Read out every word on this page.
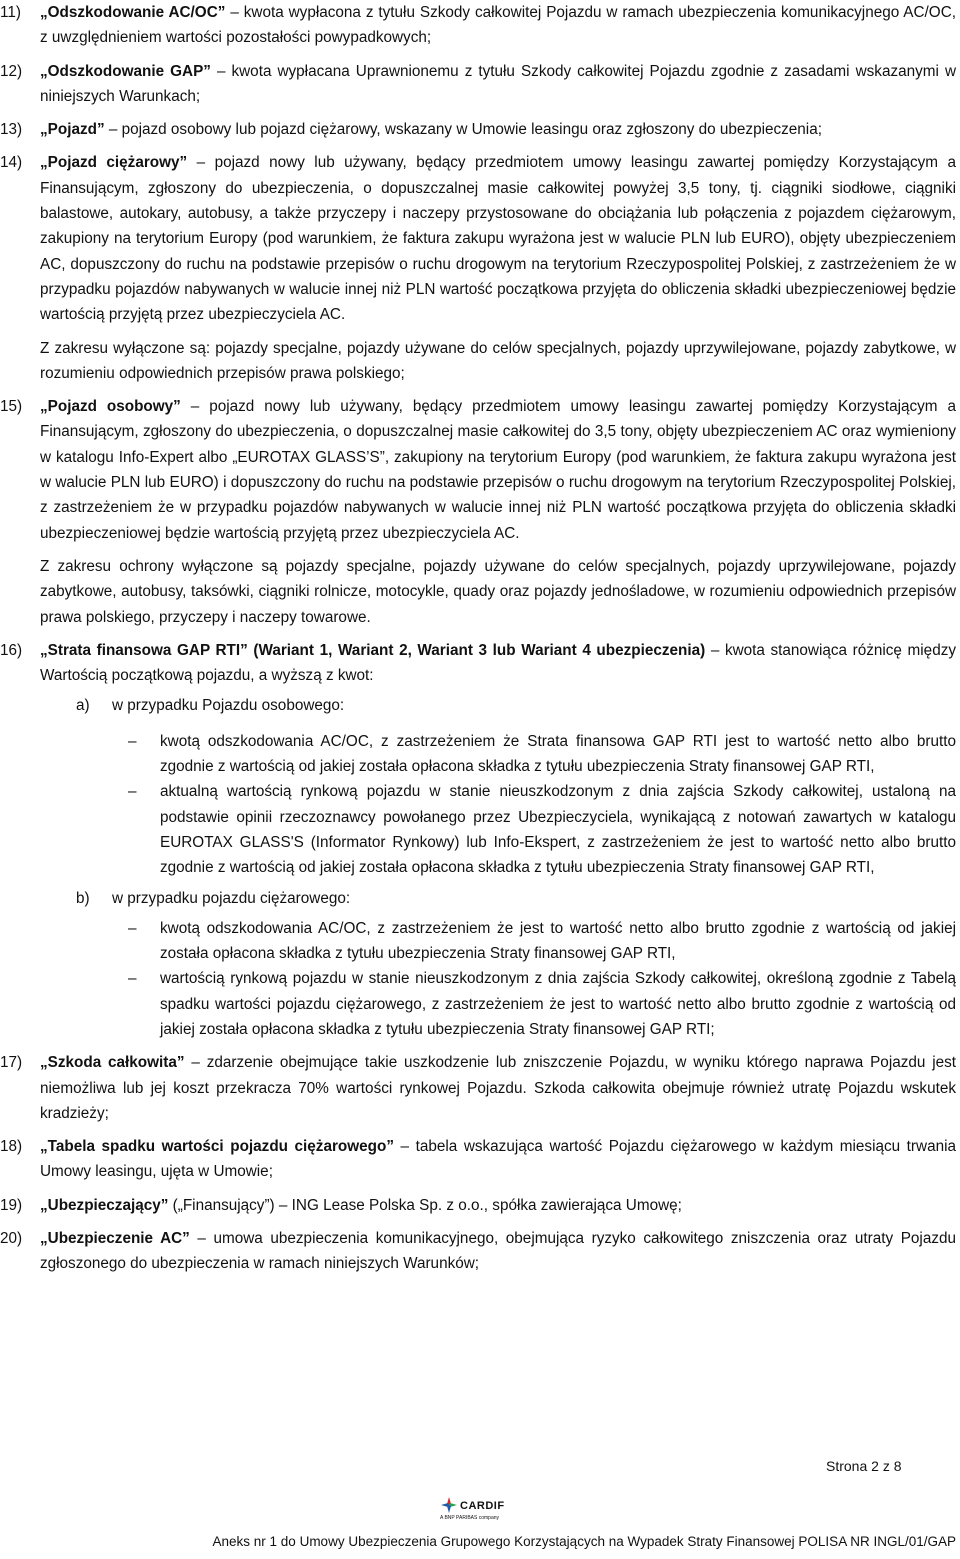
11)	„Odszkodowanie AC/OC” – kwota wypłacona z tytułu Szkody całkowitej Pojazdu w ramach ubezpieczenia komunikacyjnego AC/OC, z uwzględnieniem wartości pozostałości powypadkowych;
12)	„Odszkodowanie GAP” – kwota wypłacana Uprawnionemu z tytułu Szkody całkowitej Pojazdu zgodnie z zasadami wskazanymi w niniejszych Warunkach;
13)	„Pojazd” – pojazd osobowy lub pojazd ciężarowy, wskazany w Umowie leasingu oraz zgłoszony do ubezpieczenia;
14)	„Pojazd ciężarowy” – pojazd nowy lub używany, będący przedmiotem umowy leasingu zawartej pomiędzy Korzystającym a Finansującym, zgłoszony do ubezpieczenia, o dopuszczalnej masie całkowitej powyżej 3,5 tony, tj. ciągniki siodłowe, ciągniki balastowe, autokary, autobusy, a także przyczepy i naczepy przystosowane do obciążania lub połączenia z pojazdem ciężarowym, zakupiony na terytorium Europy (pod warunkiem, że faktura zakupu wyrażona jest w walucie PLN lub EURO), objęty ubezpieczeniem AC, dopuszczony do ruchu na podstawie przepisów o ruchu drogowym na terytorium Rzeczypospolitej Polskiej, z zastrzeżeniem że w przypadku pojazdów nabywanych w walucie innej niż PLN wartość początkowa przyjęta do obliczenia składki ubezpieczeniowej będzie wartością przyjętą przez ubezpieczyciela AC.
Z zakresu wyłączone są: pojazdy specjalne, pojazdy używane do celów specjalnych, pojazdy uprzywilejowane, pojazdy zabytkowe, w rozumieniu odpowiednich przepisów prawa polskiego;
15)	„Pojazd osobowy” – pojazd nowy lub używany, będący przedmiotem umowy leasingu zawartej pomiędzy Korzystającym a Finansującym, zgłoszony do ubezpieczenia, o dopuszczalnej masie całkowitej do 3,5 tony, objęty ubezpieczeniem AC oraz wymieniony w katalogu Info-Expert albo „EUROTAX GLASS’S”, zakupiony na terytorium Europy (pod warunkiem, że faktura zakupu wyrażona jest w walucie PLN lub EURO) i dopuszczony do ruchu na podstawie przepisów o ruchu drogowym na terytorium Rzeczypospolitej Polskiej, z zastrzeżeniem że w przypadku pojazdów nabywanych w walucie innej niż PLN wartość początkowa przyjęta do obliczenia składki ubezpieczeniowej będzie wartością przyjętą przez ubezpieczyciela AC.
Z zakresu ochrony wyłączone są pojazdy specjalne, pojazdy używane do celów specjalnych, pojazdy uprzywilejowane, pojazdy zabytkowe, autobusy, taksówki, ciągniki rolnicze, motocykle, quady oraz pojazdy jednośladowe, w rozumieniu odpowiednich przepisów prawa polskiego, przyczepy i naczepy towarowe.
16)	„Strata finansowa GAP RTI” (Wariant 1, Wariant 2, Wariant 3 lub Wariant 4 ubezpieczenia) – kwota stanowiąca różnicę między Wartością początkową pojazdu, a wyższą z kwot:
a)	w przypadku Pojazdu osobowego:
–	kwotą odszkodowania AC/OC, z zastrzeżeniem że Strata finansowa GAP RTI jest to wartość netto albo brutto zgodnie z wartością od jakiej została opłacona składka z tytułu ubezpieczenia Straty finansowej GAP RTI,
–	aktualną wartością rynkową pojazdu w stanie nieuszkodzonym z dnia zajścia Szkody całkowitej, ustaloną na podstawie opinii rzeczoznawcy powołanego przez Ubezpieczyciela, wynikającą z notowań zawartych w katalogu EUROTAX GLASS'S (Informator Rynkowy) lub Info-Ekspert, z zastrzeżeniem że jest to wartość netto albo brutto zgodnie z wartością od jakiej została opłacona składka z tytułu ubezpieczenia Straty finansowej GAP RTI,
b)	w przypadku pojazdu ciężarowego:
–	kwotą odszkodowania AC/OC, z zastrzeżeniem że jest to wartość netto albo brutto zgodnie z wartością od jakiej została opłacona składka z tytułu ubezpieczenia Straty finansowej GAP RTI,
–	wartością rynkową pojazdu w stanie nieuszkodzonym z dnia zajścia Szkody całkowitej, określoną zgodnie z Tabelą spadku wartości pojazdu ciężarowego, z zastrzeżeniem że jest to wartość netto albo brutto zgodnie z wartością od jakiej została opłacona składka z tytułu ubezpieczenia Straty finansowej GAP RTI;
17)	„Szkoda całkowita” – zdarzenie obejmujące takie uszkodzenie lub zniszczenie Pojazdu, w wyniku którego naprawa Pojazdu jest niemożliwa lub jej koszt przekracza 70% wartości rynkowej Pojazdu. Szkoda całkowita obejmuje również utratę Pojazdu wskutek kradzieży;
18)	„Tabela spadku wartości pojazdu ciężarowego” – tabela wskazująca wartość Pojazdu ciężarowego w każdym miesiącu trwania Umowy leasingu, ujęta w Umowie;
19)	„Ubezpieczający” („Finansujący”) – ING Lease Polska Sp. z o.o., spółka zawierająca Umowę;
20)	„Ubezpieczenie AC” – umowa ubezpieczenia komunikacyjnego, obejmująca ryzyko całkowitego zniszczenia oraz utraty Pojazdu zgłoszonego do ubezpieczenia w ramach niniejszych Warunków;
Strona 2 z 8
CARDIF
A BNP PARIBAS company
Aneks nr 1 do Umowy Ubezpieczenia Grupowego Korzystających na Wypadek Straty Finansowej POLISA NR INGL/01/GAP
